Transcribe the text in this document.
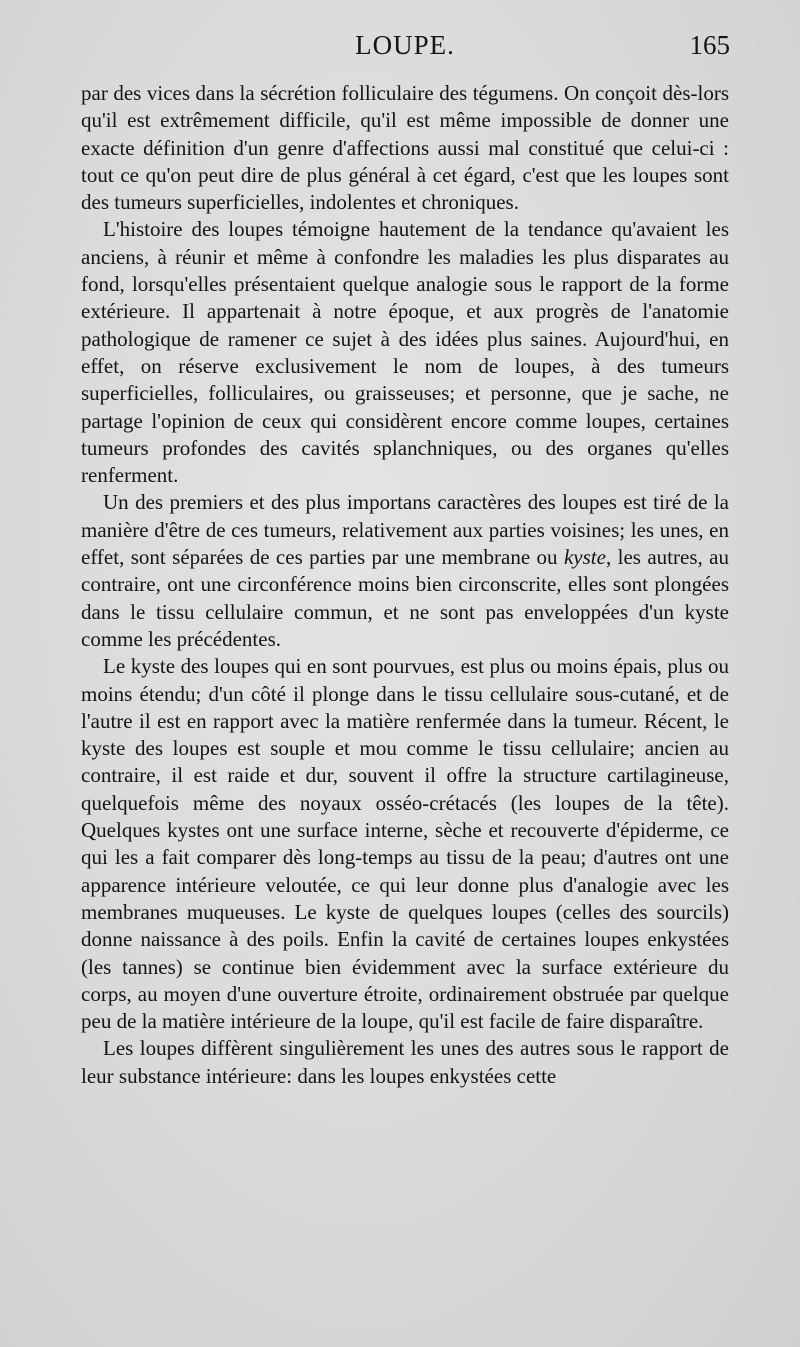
LOUPE.	165

par des vices dans la sécrétion folliculaire des tégumens. On conçoit dès-lors qu'il est extrêmement difficile, qu'il est même impossible de donner une exacte définition d'un genre d'affections aussi mal constitué que celui-ci : tout ce qu'on peut dire de plus général à cet égard, c'est que les loupes sont des tumeurs superficielles, indolentes et chroniques.

L'histoire des loupes témoigne hautement de la tendance qu'avaient les anciens, à réunir et même à confondre les maladies les plus disparates au fond, lorsqu'elles présentaient quelque analogie sous le rapport de la forme extérieure. Il appartenait à notre époque, et aux progrès de l'anatomie pathologique de ramener ce sujet à des idées plus saines. Aujourd'hui, en effet, on réserve exclusivement le nom de loupes, à des tumeurs superficielles, folliculaires, ou graisseuses; et personne, que je sache, ne partage l'opinion de ceux qui considèrent encore comme loupes, certaines tumeurs profondes des cavités splanchniques, ou des organes qu'elles renferment.

Un des premiers et des plus importans caractères des loupes est tiré de la manière d'être de ces tumeurs, relativement aux parties voisines; les unes, en effet, sont séparées de ces parties par une membrane ou kyste, les autres, au contraire, ont une circonférence moins bien circonscrite, elles sont plongées dans le tissu cellulaire commun, et ne sont pas enveloppées d'un kyste comme les précédentes.

Le kyste des loupes qui en sont pourvues, est plus ou moins épais, plus ou moins étendu; d'un côté il plonge dans le tissu cellulaire sous-cutané, et de l'autre il est en rapport avec la matière renfermée dans la tumeur. Récent, le kyste des loupes est souple et mou comme le tissu cellulaire; ancien au contraire, il est raide et dur, souvent il offre la structure cartilagineuse, quelquefois même des noyaux osséo-crétacés (les loupes de la tête). Quelques kystes ont une surface interne, sèche et recouverte d'épiderme, ce qui les a fait comparer dès long-temps au tissu de la peau; d'autres ont une apparence intérieure veloutée, ce qui leur donne plus d'analogie avec les membranes muqueuses. Le kyste de quelques loupes (celles des sourcils) donne naissance à des poils. Enfin la cavité de certaines loupes enkystées (les tannes) se continue bien évidemment avec la surface extérieure du corps, au moyen d'une ouverture étroite, ordinairement obstruée par quelque peu de la matière intérieure de la loupe, qu'il est facile de faire disparaître.

Les loupes diffèrent singulièrement les unes des autres sous le rapport de leur substance intérieure: dans les loupes enkystées cette
